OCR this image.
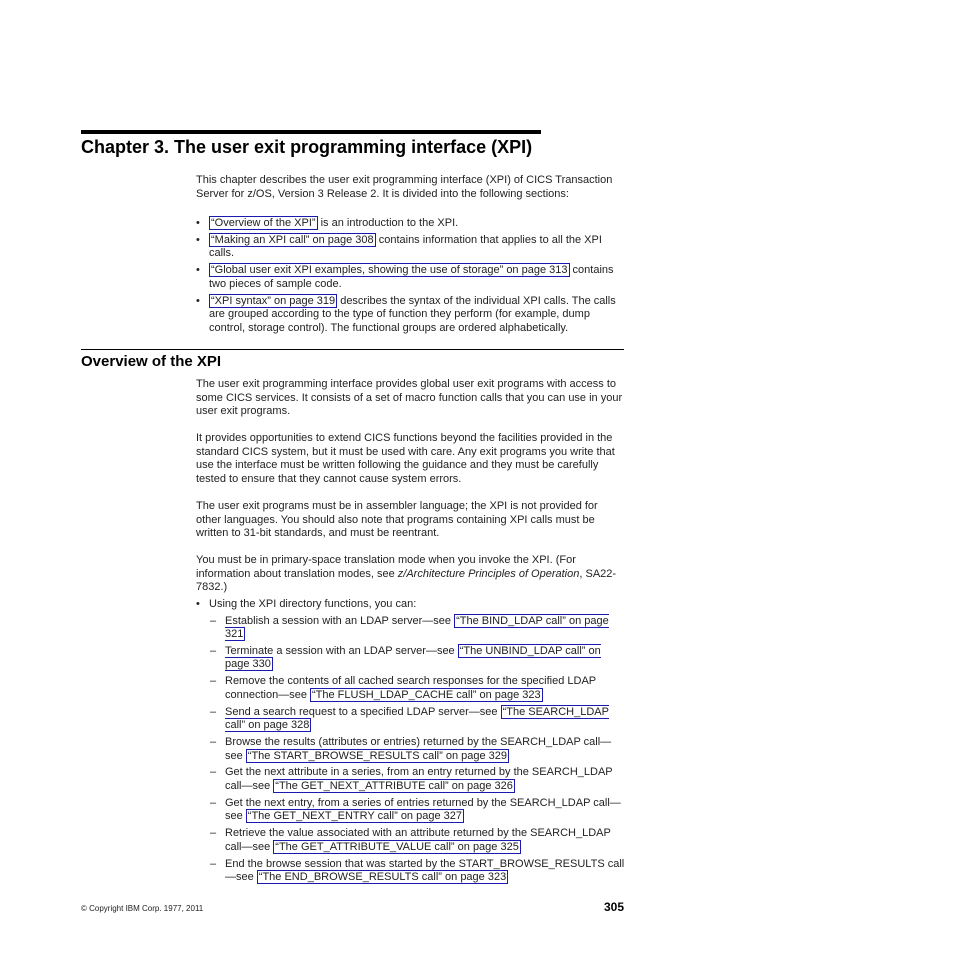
Chapter 3. The user exit programming interface (XPI)

This chapter describes the user exit programming interface (XPI) of CICS Transaction Server for z/OS, Version 3 Release 2. It is divided into the following sections:

• “Overview of the XPI” is an introduction to the XPI.
• “Making an XPI call” on page 308 contains information that applies to all the XPI calls.
• “Global user exit XPI examples, showing the use of storage” on page 313 contains two pieces of sample code.
• “XPI syntax” on page 319 describes the syntax of the individual XPI calls. The calls are grouped according to the type of function they perform (for example, dump control, storage control). The functional groups are ordered alphabetically.
Overview of the XPI

The user exit programming interface provides global user exit programs with access to some CICS services. It consists of a set of macro function calls that you can use in your user exit programs.

It provides opportunities to extend CICS functions beyond the facilities provided in the standard CICS system, but it must be used with care. Any exit programs you write that use the interface must be written following the guidance and they must be carefully tested to ensure that they cannot cause system errors.

The user exit programs must be in assembler language; the XPI is not provided for other languages. You should also note that programs containing XPI calls must be written to 31-bit standards, and must be reentrant.

You must be in primary-space translation mode when you invoke the XPI. (For information about translation modes, see z/Architecture Principles of Operation, SA22-7832.)

• Using the XPI directory functions, you can:
– Establish a session with an LDAP server—see “The BIND_LDAP call” on page 321
– Terminate a session with an LDAP server—see “The UNBIND_LDAP call” on page 330
– Remove the contents of all cached search responses for the specified LDAP connection—see “The FLUSH_LDAP_CACHE call” on page 323
– Send a search request to a specified LDAP server—see “The SEARCH_LDAP call” on page 328
– Browse the results (attributes or entries) returned by the SEARCH_LDAP call—see “The START_BROWSE_RESULTS call” on page 329
– Get the next attribute in a series, from an entry returned by the SEARCH_LDAP call—see “The GET_NEXT_ATTRIBUTE call” on page 326
– Get the next entry, from a series of entries returned by the SEARCH_LDAP call—see “The GET_NEXT_ENTRY call” on page 327
– Retrieve the value associated with an attribute returned by the SEARCH_LDAP call—see “The GET_ATTRIBUTE_VALUE call” on page 325
– End the browse session that was started by the START_BROWSE_RESULTS call—see “The END_BROWSE_RESULTS call” on page 323
© Copyright IBM Corp. 1977, 2011	305
